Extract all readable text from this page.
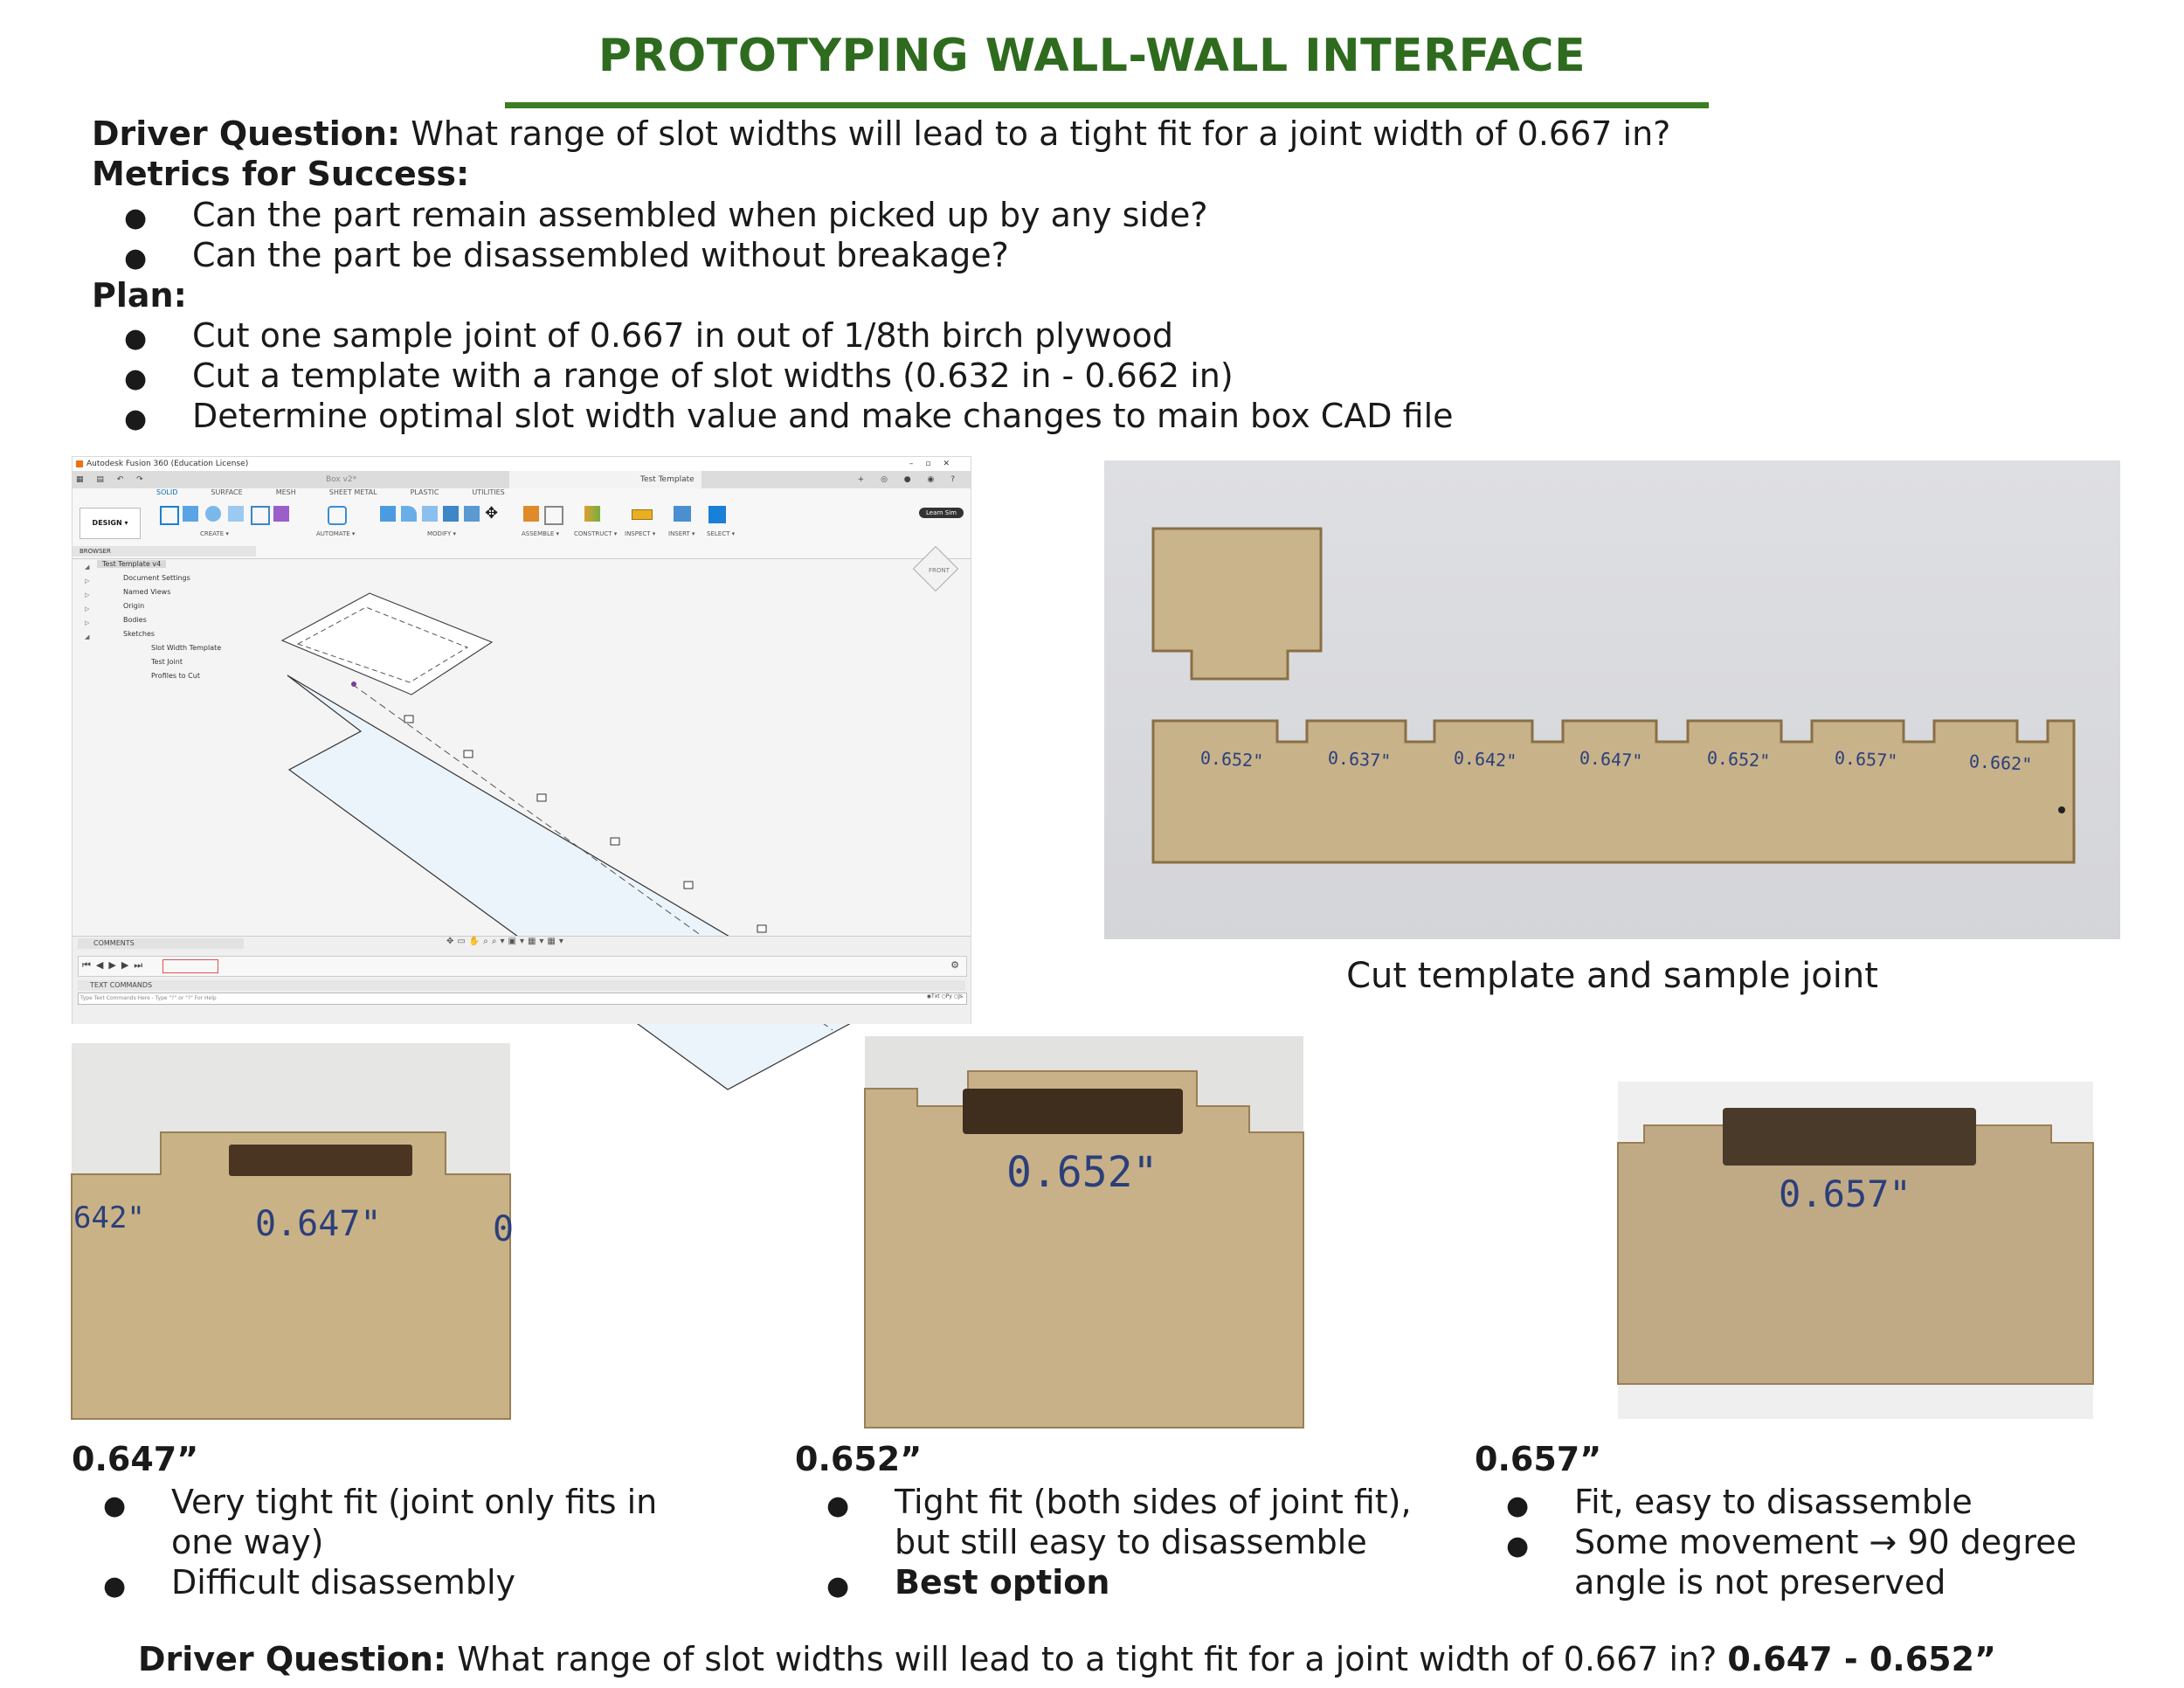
PROTOTYPING WALL-WALL INTERFACE
Driver Question: What range of slot widths will lead to a tight fit for a joint width of 0.667 in?
Metrics for Success:
● Can the part remain assembled when picked up by any side?
● Can the part be disassembled without breakage?
Plan:
● Cut one sample joint of 0.667 in out of 1/8th birch plywood
● Cut a template with a range of slot widths (0.632 in - 0.662 in)
● Determine optimal slot width value and make changes to main box CAD file
Autodesk Fusion 360 (Education License)	–▫✕
▦ ▤ ↶ ↷	Box v2*	Test Template	+ ◎ ● ◉ ?
DESIGN ▾
SOLID	SURFACE	MESH	SHEET METAL	PLASTIC	UTILITIES
✥
CREATE ▾	AUTOMATE ▾	MODIFY ▾	ASSEMBLE ▾ CONSTRUCT ▾ INSPECT ▾ INSERT ▾ SELECT ▾
Learn Sim
BROWSER
Test Template v4
Document Settings
Named Views
Origin
Bodies
Sketches
Slot Width Template
Test Joint
Profiles to Cut
◢
▷
▷
▷
▷
◢
FRONT
COMMENTS	✥▭✋⌕⌕▾▣▾▦▾▦▾
⏮◀▶▶⏭	⚙
TEXT COMMANDS
Type Text Commands Here - Type "?" or "?" For Help	◉Txt ○Py ○Js
0.652"	0.637"	0.642"	0.647"	0.652"	0.657"	0.662"
Cut template and sample joint
642"	0.647"	0
0.652"	0.657"
0.647”
● Very tight fit (joint only fits in
one way)
● Difficult disassembly
0.652”
● Tight fit (both sides of joint fit),
but still easy to disassemble
● Best option
0.657”
● Fit, easy to disassemble
● Some movement → 90 degree
angle is not preserved
Driver Question: What range of slot widths will lead to a tight fit for a joint width of 0.667 in? 0.647 - 0.652”
